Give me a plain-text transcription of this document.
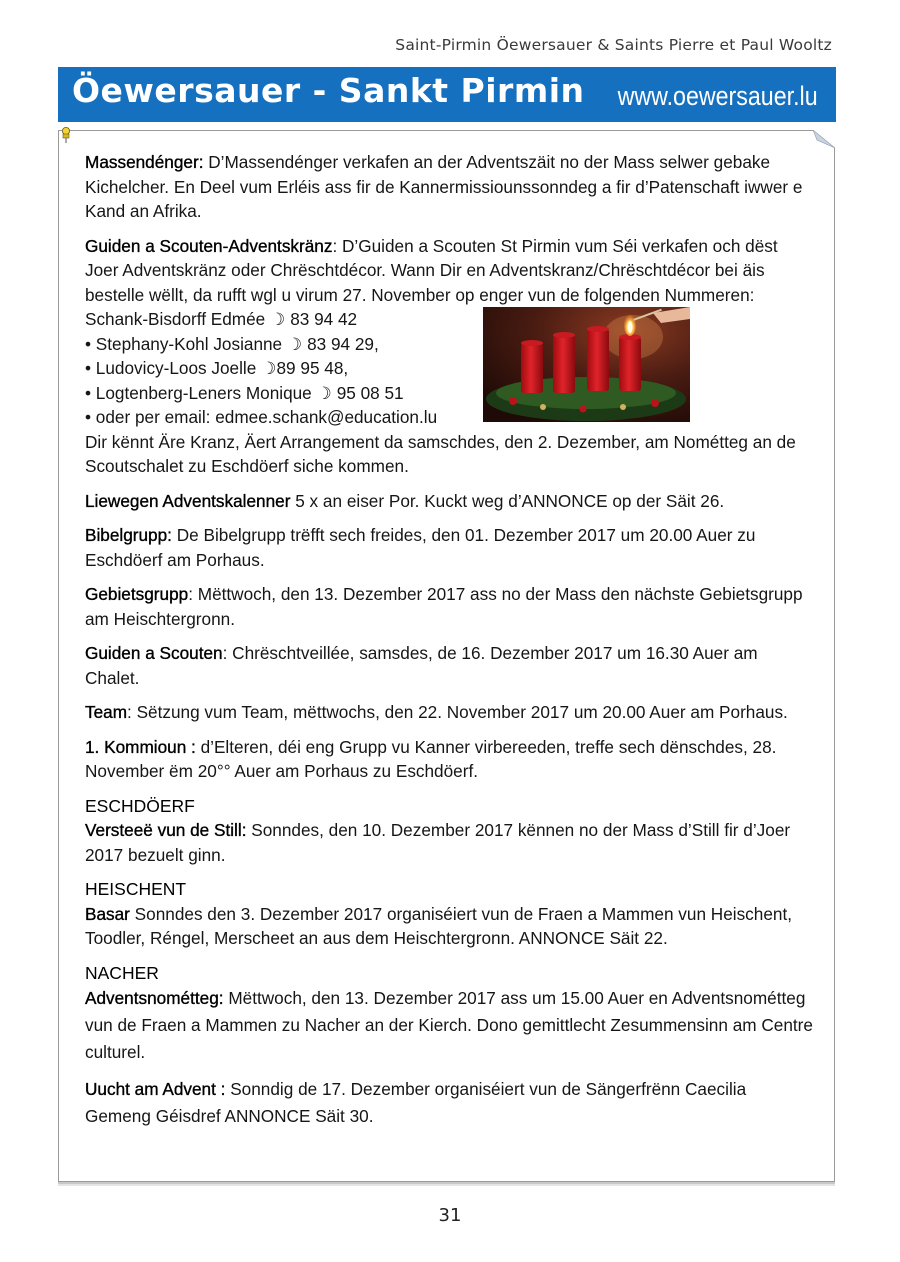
Saint-Pirmin Öewersauer & Saints Pierre et Paul Wooltz
Öewersauer - Sankt Pirmin www.oewersauer.lu

Massendénger: D’Massendénger verkafen an der Adventszäit no der Mass selwer gebake Kichelcher. En Deel vum Erléis ass fir de Kannermissiounssonndeg a fir d’Patenschaft iwwer e Kand an Afrika.

Guiden a Scouten-Adventskränz: D’Guiden a Scouten St Pirmin vum Séi verkafen och dëst Joer Adventskränz oder Chrëschtdécor. Wann Dir en Adventskranz/Chrëschtdécor bei äis bestelle wëllt, da rufft wgl u virum 27. November op enger vun de folgenden Nummeren:

Schank-Bisdorff Edmée ☽ 83 94 42
• Stephany-Kohl Josianne ☽ 83 94 29,
• Ludovicy-Loos Joelle ☽89 95 48,
• Logtenberg-Leners Monique ☽ 95 08 51
• oder per email: edmee.schank@education.lu

Dir kënnt Äre Kranz, Äert Arrangement da samschdes, den 2. Dezember, am Nométteg an de Scoutschalet zu Eschdöerf siche kommen.

Liewegen Adventskalenner 5 x an eiser Por. Kuckt weg d’ANNONCE op der Säit 26.

Bibelgrupp: De Bibelgrupp trëfft sech freides, den 01. Dezember 2017 um 20.00 Auer zu Eschdöerf am Porhaus.

Gebietsgrupp: Mëttwoch, den 13. Dezember 2017 ass no der Mass den nächste Gebietsgrupp am Heischtergronn.

Guiden a Scouten: Chrëschtveillée, samsdes, de 16. Dezember 2017 um 16.30 Auer am Chalet.

Team: Sëtzung vum Team, mëttwochs, den 22. November 2017 um 20.00 Auer am Porhaus.

1. Kommioun : d’Elteren, déi eng Grupp vu Kanner virbereeden, treffe sech dënschdes, 28. November ëm 20°° Auer am Porhaus zu Eschdöerf.

ESCHDÖERF

Versteeë vun de Still: Sonndes, den 10. Dezember 2017 kënnen no der Mass d’Still fir d’Joer 2017 bezuelt ginn.

HEISCHENT

Basar Sonndes den 3. Dezember 2017 organiséiert vun de Fraen a Mammen vun Heischent, Toodler, Réngel, Merscheet an aus dem Heischtergronn. ANNONCE Säit 22.

NACHER

Adventsnométteg: Mëttwoch, den 13. Dezember 2017 ass um 15.00 Auer en Adventsnométteg vun de Fraen a Mammen zu Nacher an der Kierch. Dono gemittlecht Zesummensinn am Centre culturel.

Uucht am Advent : Sonndig de 17. Dezember organiséiert vun de Sängerfrënn Caecilia Gemeng Géisdref ANNONCE Säit 30.

31
